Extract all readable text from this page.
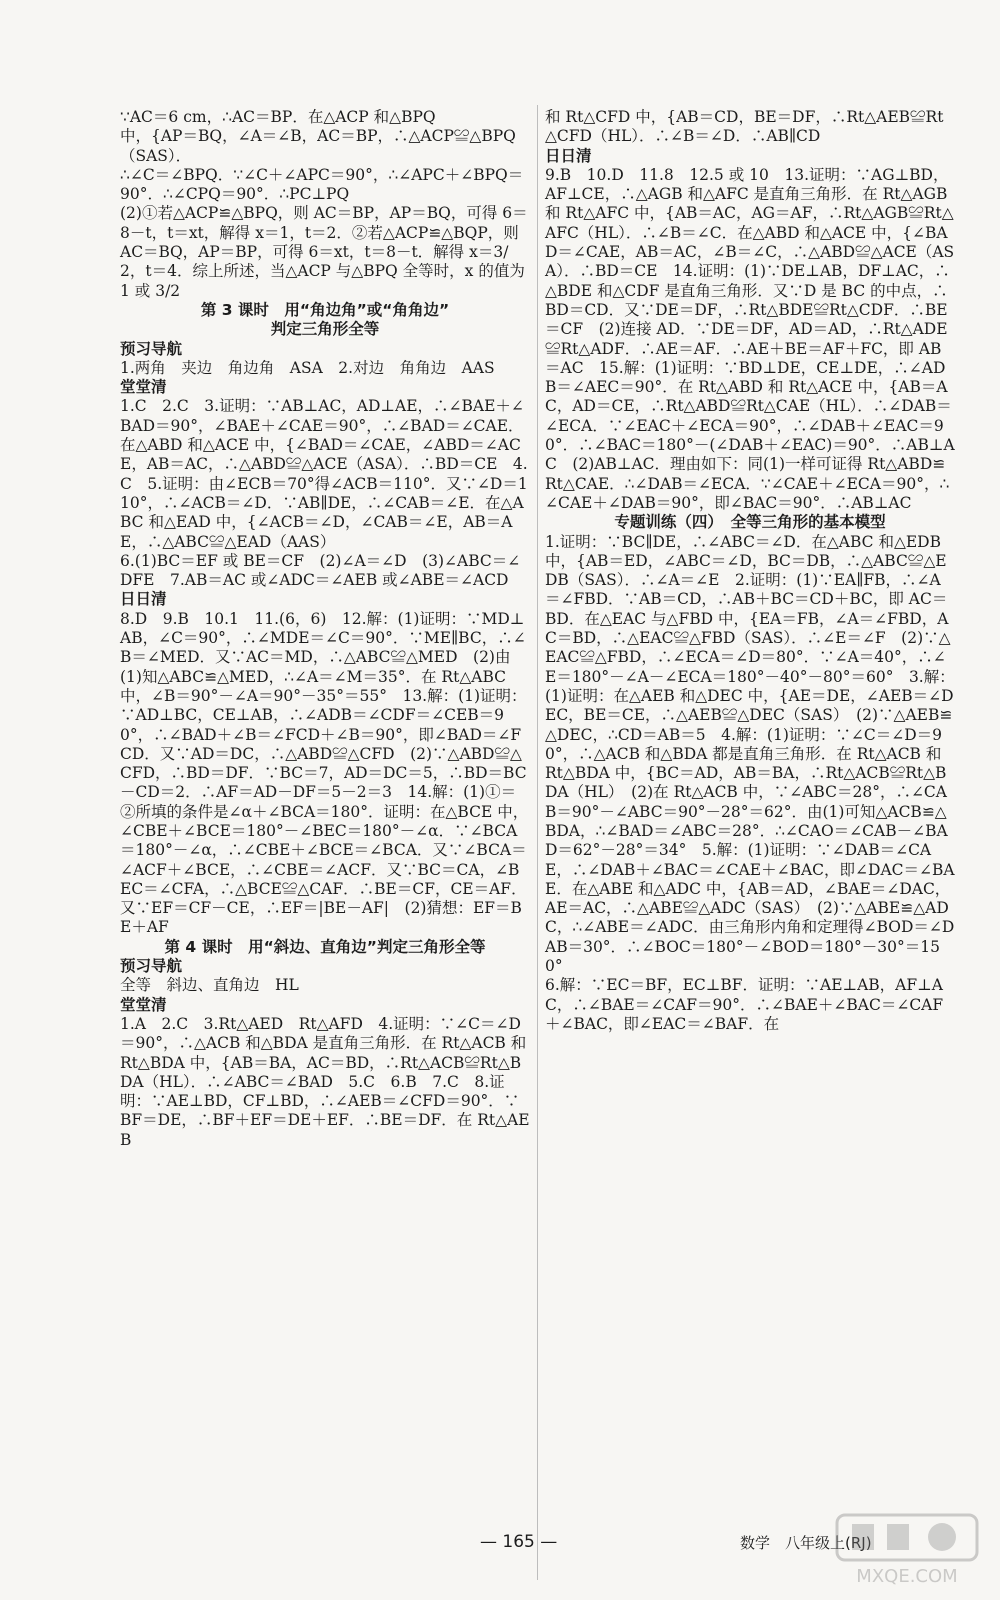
∵AC＝6 cm，∴AC＝BP．在△ACP 和△BPQ

中，{AP＝BQ，∠A＝∠B，AC＝BP，∴△ACP≌△BPQ（SAS）．

∴∠C＝∠BPQ．∵∠C＋∠APC＝90°，∴∠APC＋∠BPQ＝90°．∴∠CPQ＝90°．∴PC⊥PQ

(2)①若△ACP≌△BPQ，则 AC＝BP，AP＝BQ，可得 6＝8－t，t＝xt，解得 x＝1，t＝2．②若△ACP≌△BQP，则 AC＝BQ，AP＝BP，可得 6＝xt，t＝8－t．解得 x＝3/2，t＝4．综上所述，当△ACP 与△BPQ 全等时，x 的值为 1 或 3/2

第 3 课时　用“角边角”或“角角边”

判定三角形全等

预习导航

1.两角　夹边　角边角　ASA　2.对边　角角边　AAS

堂堂清

1.C　2.C　3.证明：∵AB⊥AC，AD⊥AE，∴∠BAE＋∠BAD＝90°，∠BAE＋∠CAE＝90°，∴∠BAD＝∠CAE．在△ABD 和△ACE 中，{∠BAD＝∠CAE，∠ABD＝∠ACE，AB＝AC，∴△ABD≌△ACE（ASA）．∴BD＝CE　4.C　5.证明：由∠ECB＝70°得∠ACB＝110°．又∵∠D＝110°，∴∠ACB＝∠D．∵AB∥DE，∴∠CAB＝∠E．在△ABC 和△EAD 中，{∠ACB＝∠D，∠CAB＝∠E，AB＝AE，∴△ABC≌△EAD（AAS）

6.(1)BC＝EF 或 BE＝CF　(2)∠A＝∠D　(3)∠ABC＝∠DFE　7.AB＝AC 或∠ADC＝∠AEB 或∠ABE＝∠ACD

日日清

8.D　9.B　10.1　11.(6，6)　12.解：(1)证明：∵MD⊥AB，∠C＝90°，∴∠MDE＝∠C＝90°．∵ME∥BC，∴∠B＝∠MED．又∵AC＝MD，∴△ABC≌△MED　(2)由(1)知△ABC≌△MED，∴∠A＝∠M＝35°．在 Rt△ABC 中，∠B＝90°－∠A＝90°－35°＝55°　13.解：(1)证明：∵AD⊥BC，CE⊥AB，∴∠ADB＝∠CDF＝∠CEB＝90°，∴∠BAD＋∠B＝∠FCD＋∠B＝90°，即∠BAD＝∠FCD．又∵AD＝DC，∴△ABD≌△CFD　(2)∵△ABD≌△CFD，∴BD＝DF．∵BC＝7，AD＝DC＝5，∴BD＝BC－CD＝2．∴AF＝AD－DF＝5－2＝3　14.解：(1)①＝　②所填的条件是∠α＋∠BCA＝180°．证明：在△BCE 中，∠CBE＋∠BCE＝180°－∠BEC＝180°－∠α．∵∠BCA＝180°－∠α，∴∠CBE＋∠BCE＝∠BCA．又∵∠BCA＝∠ACF＋∠BCE，∴∠CBE＝∠ACF．又∵BC＝CA，∠BEC＝∠CFA，∴△BCE≌△CAF．∴BE＝CF，CE＝AF．又∵EF＝CF－CE，∴EF＝|BE－AF|　(2)猜想：EF＝BE＋AF

第 4 课时　用“斜边、直角边”判定三角形全等

预习导航

全等　斜边、直角边　HL

堂堂清

1.A　2.C　3.Rt△AED　Rt△AFD　4.证明：∵∠C＝∠D＝90°，∴△ACB 和△BDA 是直角三角形．在 Rt△ACB 和 Rt△BDA 中，{AB＝BA，AC＝BD，∴Rt△ACB≌Rt△BDA（HL）．∴∠ABC＝∠BAD　5.C　6.B　7.C　8.证明：∵AE⊥BD，CF⊥BD，∴∠AEB＝∠CFD＝90°．∵BF＝DE，∴BF＋EF＝DE＋EF．∴BE＝DF．在 Rt△AEB

和 Rt△CFD 中，{AB＝CD，BE＝DF，∴Rt△AEB≌Rt△CFD（HL）．∴∠B＝∠D．∴AB∥CD

日日清

9.B　10.D　11.8　12.5 或 10　13.证明：∵AG⊥BD，AF⊥CE，∴△AGB 和△AFC 是直角三角形．在 Rt△AGB 和 Rt△AFC 中，{AB＝AC，AG＝AF，∴Rt△AGB≌Rt△AFC（HL）．∴∠B＝∠C．在△ABD 和△ACE 中，{∠BAD＝∠CAE，AB＝AC，∠B＝∠C，∴△ABD≌△ACE（ASA）．∴BD＝CE　14.证明：(1)∵DE⊥AB，DF⊥AC，∴△BDE 和△CDF 是直角三角形．又∵D 是 BC 的中点，∴BD＝CD．又∵DE＝DF，∴Rt△BDE≌Rt△CDF．∴BE＝CF　(2)连接 AD．∵DE＝DF，AD＝AD，∴Rt△ADE≌Rt△ADF．∴AE＝AF．∴AE＋BE＝AF＋FC，即 AB＝AC　15.解：(1)证明：∵BD⊥DE，CE⊥DE，∴∠ADB＝∠AEC＝90°．在 Rt△ABD 和 Rt△ACE 中，{AB＝AC，AD＝CE，∴Rt△ABD≌Rt△CAE（HL）．∴∠DAB＝∠ECA．∵∠EAC＋∠ECA＝90°，∴∠DAB＋∠EAC＝90°．∴∠BAC＝180°－(∠DAB＋∠EAC)＝90°．∴AB⊥AC　(2)AB⊥AC．理由如下：同(1)一样可证得 Rt△ABD≌Rt△CAE．∴∠DAB＝∠ECA．∵∠CAE＋∠ECA＝90°，∴∠CAE＋∠DAB＝90°，即∠BAC＝90°．∴AB⊥AC

专题训练（四）　全等三角形的基本模型

1.证明：∵BC∥DE，∴∠ABC＝∠D．在△ABC 和△EDB 中，{AB＝ED，∠ABC＝∠D，BC＝DB，∴△ABC≌△EDB（SAS）．∴∠A＝∠E　2.证明：(1)∵EA∥FB，∴∠A＝∠FBD．∵AB＝CD，∴AB＋BC＝CD＋BC，即 AC＝BD．在△EAC 与△FBD 中，{EA＝FB，∠A＝∠FBD，AC＝BD，∴△EAC≌△FBD（SAS）．∴∠E＝∠F　(2)∵△EAC≌△FBD，∴∠ECA＝∠D＝80°．∵∠A＝40°，∴∠E＝180°－∠A－∠ECA＝180°－40°－80°＝60°　3.解：(1)证明：在△AEB 和△DEC 中，{AE＝DE，∠AEB＝∠DEC，BE＝CE，∴△AEB≌△DEC（SAS）　(2)∵△AEB≌△DEC，∴CD＝AB＝5　4.解：(1)证明：∵∠C＝∠D＝90°，∴△ACB 和△BDA 都是直角三角形．在 Rt△ACB 和 Rt△BDA 中，{BC＝AD，AB＝BA，∴Rt△ACB≌Rt△BDA（HL）　(2)在 Rt△ACB 中，∵∠ABC＝28°，∴∠CAB＝90°－∠ABC＝90°－28°＝62°．由(1)可知△ACB≌△BDA，∴∠BAD＝∠ABC＝28°．∴∠CAO＝∠CAB－∠BAD＝62°－28°＝34°　5.解：(1)证明：∵∠DAB＝∠CAE，∴∠DAB＋∠BAC＝∠CAE＋∠BAC，即∠DAC＝∠BAE．在△ABE 和△ADC 中，{AB＝AD，∠BAE＝∠DAC，AE＝AC，∴△ABE≌△ADC（SAS）　(2)∵△ABE≌△ADC，∴∠ABE＝∠ADC．由三角形内角和定理得∠BOD＝∠DAB＝30°．∴∠BOC＝180°－∠BOD＝180°－30°＝150°

6.解：∵EC＝BF，EC⊥BF．证明：∵AE⊥AB，AF⊥AC，∴∠BAE＝∠CAF＝90°．∴∠BAE＋∠BAC＝∠CAF＋∠BAC，即∠EAC＝∠BAF．在

— 165 —	数学　八年级上(RJ)
MXQE.COM
